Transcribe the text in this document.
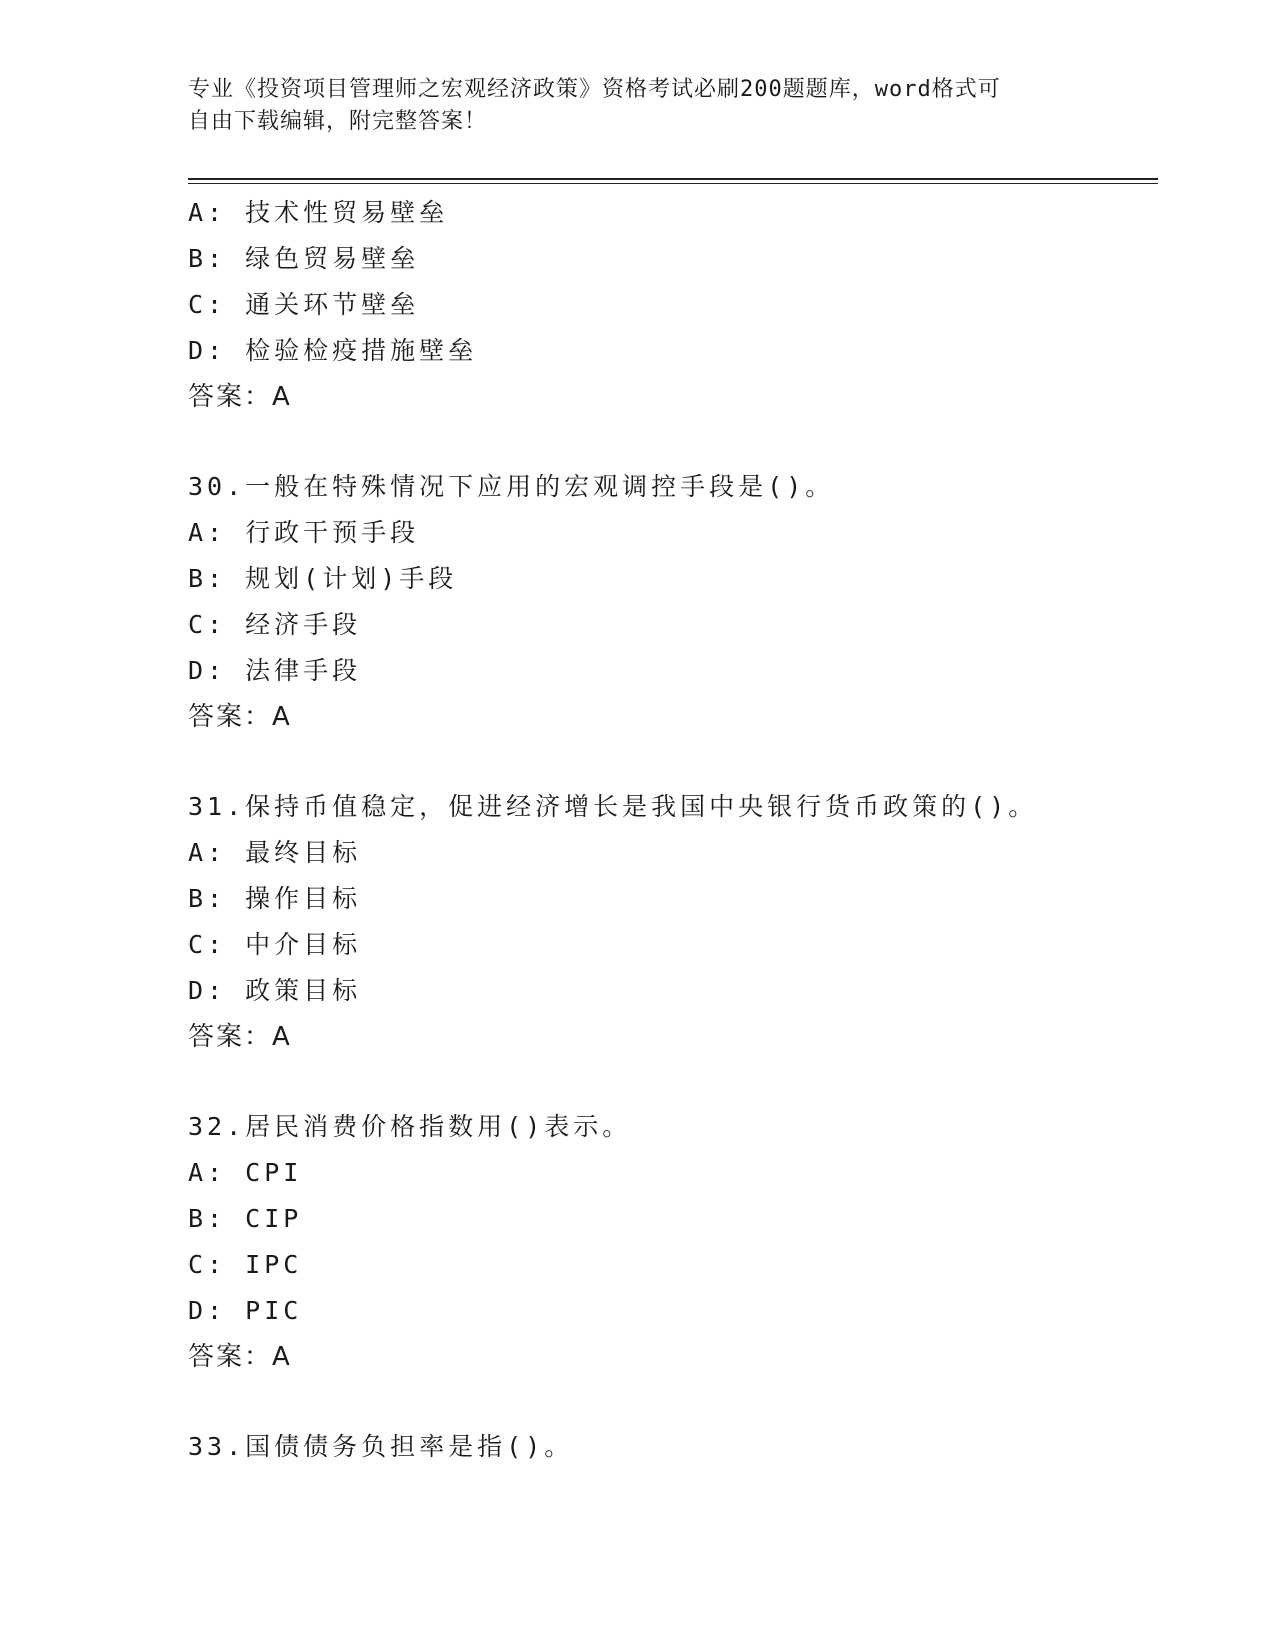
专业《投资项目管理师之宏观经济政策》资格考试必刷200题题库，word格式可
自由下载编辑，附完整答案！
A: 技术性贸易壁垒
B: 绿色贸易壁垒
C: 通关环节壁垒
D: 检验检疫措施壁垒
答案：A
30.一般在特殊情况下应用的宏观调控手段是()。
A: 行政干预手段
B: 规划(计划)手段
C: 经济手段
D: 法律手段
答案：A
31.保持币值稳定，促进经济增长是我国中央银行货币政策的()。
A: 最终目标
B: 操作目标
C: 中介目标
D: 政策目标
答案：A
32.居民消费价格指数用()表示。
A: CPI
B: CIP
C: IPC
D: PIC
答案：A
33.国债债务负担率是指()。
